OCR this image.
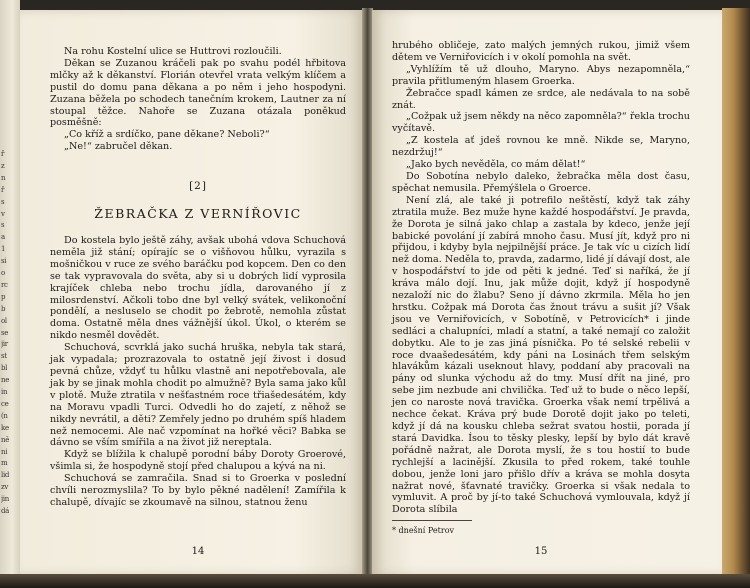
ř
z
n
ř
s
v
s
a
1
si
o
rc
p
b
ol
se
jir
st
bl
ne
in
ce
(n
ke
ně
ni
m
lid
zv
jin
dá

Na rohu Kostelní ulice se Huttrovi rozloučili.

Děkan se Zuzanou kráčeli pak po svahu podél hřbitova mlčky až k děkanství. Florián otevřel vrata velkým klíčem a pustil do domu pana děkana a po něm i jeho hospodyni. Zuzana běžela po schodech tanečním krokem, Lautner za ní stoupal těžce. Nahoře se Zuzana otázala poněkud posměšně:

„Co kříž a srdíčko, pane děkane? Neboli?“

„Ne!“ zabručel děkan.

[2]
ŽEBRAČKA Z VERNÍŘOVIC

Do kostela bylo ještě záhy, avšak ubohá vdova Schuchová neměla již stání; opírajíc se o višňovou hůlku, vyrazila s mošničkou v ruce ze svého baráčku pod kopcem. Den co den se tak vypravovala do světa, aby si u dobrých lidí vyprosila krajíček chleba nebo trochu jídla, darovaného jí z milosrdenství. Ačkoli tobo dne byl velký svátek, velikonoční pondělí, a nesluselo se chodit po žebrotě, nemohla zůstat doma. Ostatně měla dnes vážnější úkol. Úkol, o kterém se nikdo nesměl dovědět.

Schuchová, scvrklá jako suchá hruška, nebyla tak stará, jak vypadala; prozrazovala to ostatně její živost i dosud pevná chůze, vždyť tu hůlku vlastně ani nepotřebovala, ale jak by se jinak mohla chodit po almužně? Byla sama jako kůl v plotě. Muže ztratila v nešťastném roce třiašedesátém, kdy na Moravu vpadli Turci. Odvedli ho do zajetí, z něhož se nikdy nevrátil, a děti? Zemřely jedno po druhém spíš hladem než nemocemi. Ale nač vzpomínat na hořké věci? Babka se dávno se vším smířila a na život již nereptala.

Když se blížila k chalupě porodní báby Doroty Groerové, všimla si, že hospodyně stojí před chalupou a kývá na ni.

Schuchová se zamračila. Snad si to Groerka v poslední chvíli nerozmyslila? To by bylo pěkné nadělení! Zamířila k chalupě, dívajíc se zkoumavě na silnou, statnou ženu

14

hrubého obličeje, zato malých jemných rukou, jimiž všem dětem ve Verniřovicích i v okolí pomohla na svět.

„Vyhlížím tě už dlouho, Maryno. Abys nezapomněla,“ pravila přitlumeným hlasem Groerka.

Žebračce spadl kámen ze srdce, ale nedávala to na sobě znát.

„Cožpak už jsem někdy na něco zapomněla?“ řekla trochu vyčítavě.

„Z kostela ať jdeš rovnou ke mně. Nikde se, Maryno, nezdržuj!“

„Jako bych nevěděla, co mám dělat!“

Do Sobotína nebylo daleko, žebračka měla dost času, spěchat nemusila. Přemýšlela o Groerce.

Není zlá, ale také ji potrefilo neštěstí, když tak záhy ztratila muže. Bez muže hyne každé hospodářství. Je pravda, že Dorota je silná jako chlap a zastala by kdeco, jenže její babické povolání jí zabírá mnoho času. Musí jít, když pro ni přijdou, i kdyby byla nejpilnější práce. Je tak víc u cizích lidí než doma. Neděla to, pravda, zadarmo, lidé jí dávají dost, ale v hospodářství to jde od pěti k jedné. Teď si naříká, že jí kráva málo dojí. Inu, jak může dojit, když jí hospodyně nezaloží nic do žlabu? Seno jí dávno zkrmila. Měla ho jen hrstku. Cožpak má Dorota čas žnout trávu a sušit jí? Však jsou ve Verniřovicích, v Sobotíně, v Petrovicích* i jinde sedláci a chalupníci, mladí a statní, a také nemají co založit dobytku. Ale to je zas jiná písnička. Po té selské rebelii v roce dvaašedesátém, kdy páni na Losinách třem selským hlavákům kázali useknout hlavy, poddaní aby pracovali na pány od slunka východu až do tmy. Musí dřít na jiné, pro sebe jim nezbude ani chvilička. Teď už to bude o něco lepší, jen co naroste nová travička. Groerka však nemí trpělivá a nechce čekat. Kráva prý bude Dorotě dojit jako po teleti, když jí dá na kousku chleba sežrat svatou hostii, porada jí stará Davidka. Ísou to těsky plesky, lepší by bylo dát kravě pořádně nažrat, ale Dorota myslí, že s tou hostií to bude rychlejší a lacinější. Zkusila to před rokem, také touhle dobou, jenže loni jaro přišlo dřív a kráva se mohla dosyta nažrat nové, šťavnaté travičky. Groerka si však nedala to vymluvit. A proč by jí-to také Schuchová vymlouvala, když jí Dorota slíbila

* dnešní Petrov
15
